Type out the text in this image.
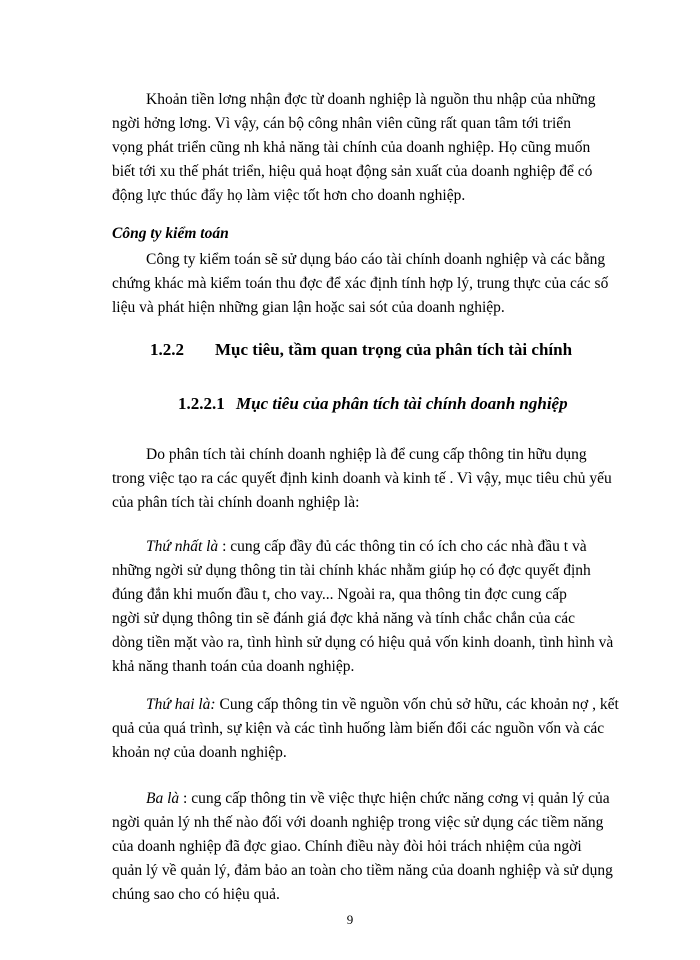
Khoản tiền lơng nhận đợc từ doanh nghiệp là nguồn thu nhập của những
ngời hởng lơng. Vì vậy, cán bộ công nhân viên cũng rất quan tâm tới triển
vọng phát triển cũng nh khả năng tài chính của doanh nghiệp. Họ cũng muốn
biết tới xu thế phát triển, hiệu quả hoạt động sản xuất của doanh nghiệp để có
động lực thúc đẩy họ làm việc tốt hơn cho doanh nghiệp.

Công ty kiểm toán

Công ty kiểm toán sẽ sử dụng báo cáo tài chính doanh nghiệp và các bằng
chứng khác mà kiểm toán thu đợc để xác định tính hợp lý, trung thực của các số
liệu và phát hiện những gian lận hoặc sai sót của doanh nghiệp.

1.2.2 Mục tiêu, tầm quan trọng của phân tích tài chính
1.2.2.1 Mục tiêu của phân tích tài chính doanh nghiệp

Do phân tích tài chính doanh nghiệp là để cung cấp thông tin hữu dụng
trong việc tạo ra các quyết định kinh doanh và kinh tế . Vì vậy, mục tiêu chủ yếu
của phân tích tài chính doanh nghiệp là:

Thứ nhất là : cung cấp đầy đủ các thông tin có ích cho các nhà đầu t và
những ngời sử dụng thông tin tài chính khác nhằm giúp họ có đợc quyết định
đúng đắn khi muốn đầu t, cho vay... Ngoài ra, qua thông tin đợc cung cấp
ngời sử dụng thông tin sẽ đánh giá đợc khả năng và tính chắc chắn của các
dòng tiền mặt vào ra, tình hình sử dụng có hiệu quả vốn kinh doanh, tình hình và
khả năng thanh toán của doanh nghiệp.

Thứ hai là: Cung cấp thông tin về nguồn vốn chủ sở hữu, các khoản nợ , kết
quả của quá trình, sự kiện và các tình huống làm biến đổi các nguồn vốn và các
khoản nợ của doanh nghiệp.

Ba là : cung cấp thông tin về việc thực hiện chức năng cơng vị quản lý của
ngời quản lý nh thế nào đối với doanh nghiệp trong việc sử dụng các tiềm năng
của doanh nghiệp đã đợc giao. Chính điều này đòi hỏi trách nhiệm của ngời
quản lý về quản lý, đảm bảo an toàn cho tiềm năng của doanh nghiệp và sử dụng
chúng sao cho có hiệu quả.

9
